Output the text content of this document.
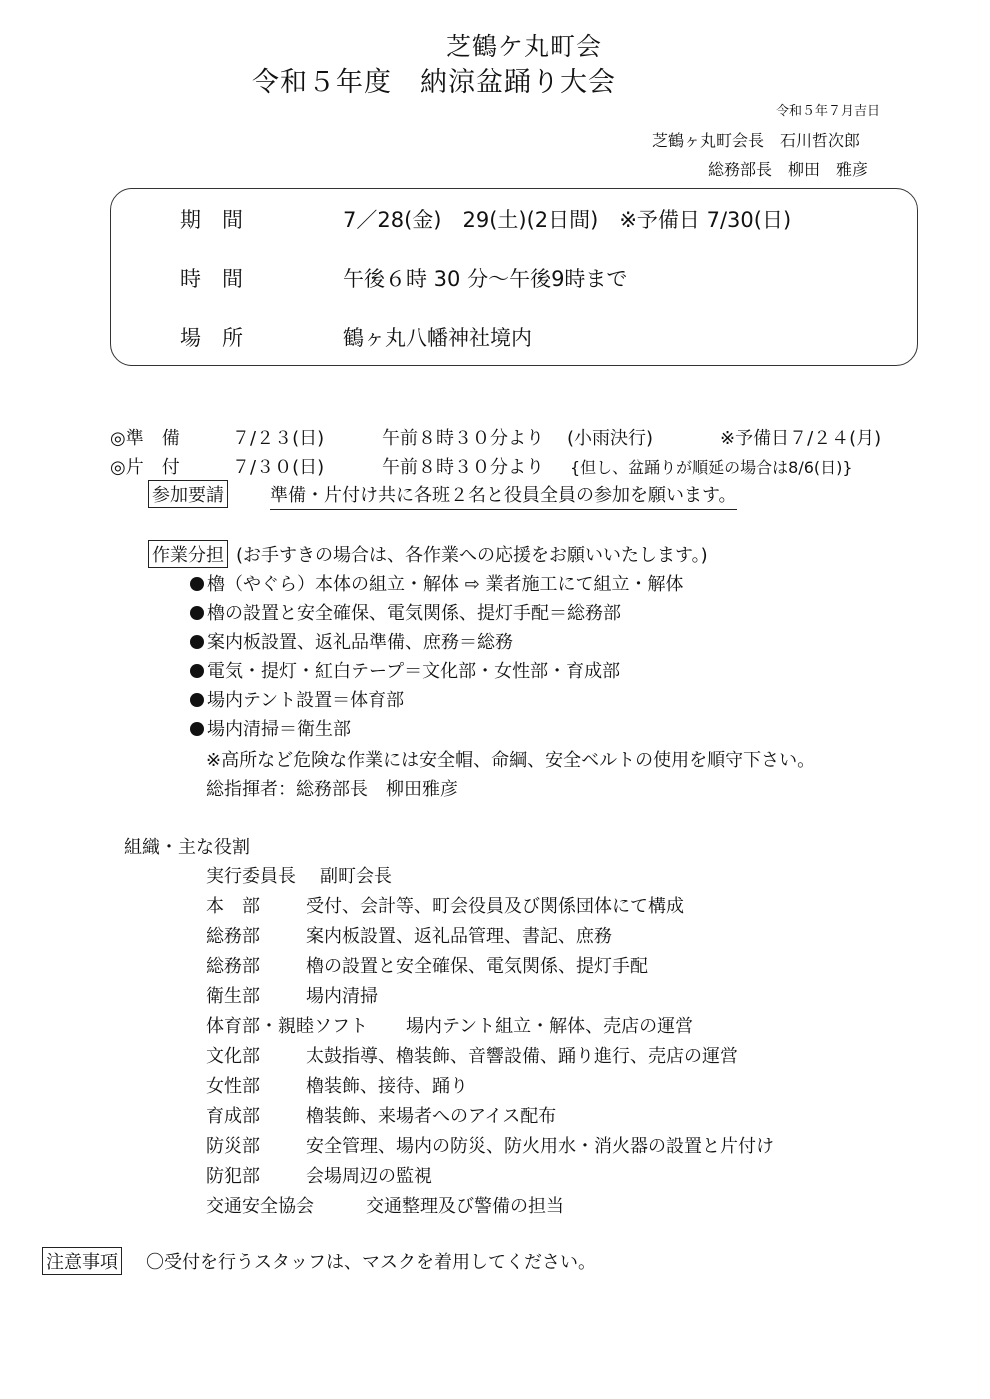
芝鶴ケ丸町会
令和５年度　納涼盆踊り大会
令和５年７月吉日
芝鶴ヶ丸町会長　石川哲次郎
総務部長　柳田　雅彦
期　間	7／28(金)　29(土)(2日間)　※予備日 7/30(日)
時　間	午後６時 30 分～午後9時まで
場　所	鶴ヶ丸八幡神社境内
◎準　備	７/２３(日)	午前８時３０分より (小雨決行)	※予備日７/２４(月)
◎片　付	７/３０(日)	午前８時３０分より {但し、盆踊りが順延の場合は8/6(日)}
参加要請	準備・片付け共に各班２名と役員全員の参加を願います。
作業分担 (お手すきの場合は、各作業への応援をお願いいたします。)
櫓（やぐら）本体の組立・解体 ⇨ 業者施工にて組立・解体
櫓の設置と安全確保、電気関係、提灯手配＝総務部
案内板設置、返礼品準備、庶務＝総務
電気・提灯・紅白テープ＝文化部・女性部・育成部
場内テント設置＝体育部
場内清掃＝衛生部
※高所など危険な作業には安全帽、命綱、安全ベルトの使用を順守下さい。
総指揮者：総務部長　柳田雅彦
組織・主な役割
実行委員長 副町会長
本　部	受付、会計等、町会役員及び関係団体にて構成
総務部	案内板設置、返礼品管理、書記、庶務
総務部	櫓の設置と安全確保、電気関係、提灯手配
衛生部	場内清掃
体育部・親睦ソフト 場内テント組立・解体、売店の運営
文化部	太鼓指導、櫓装飾、音響設備、踊り進行、売店の運営
女性部	櫓装飾、接待、踊り
育成部	櫓装飾、来場者へのアイス配布
防災部	安全管理、場内の防災、防火用水・消火器の設置と片付け
防犯部	会場周辺の監視
交通安全協会	交通整理及び警備の担当
注意事項 〇受付を行うスタッフは、マスクを着用してください。
